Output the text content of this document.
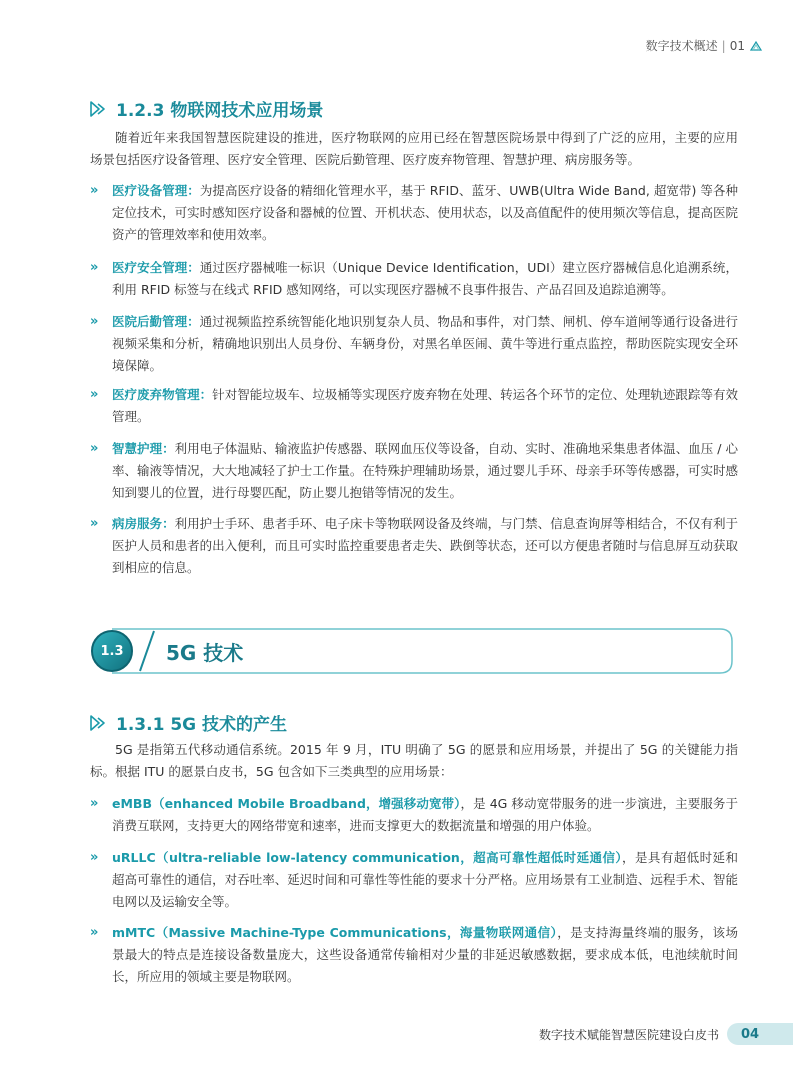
数字技术概述 | 01
1.2.3 物联网技术应用场景

随着近年来我国智慧医院建设的推进，医疗物联网的应用已经在智慧医院场景中得到了广泛的应用，主要的应用场景包括医疗设备管理、医疗安全管理、医院后勤管理、医疗废弃物管理、智慧护理、病房服务等。

» 医疗设备管理：为提高医疗设备的精细化管理水平，基于 RFID、蓝牙、UWB(Ultra Wide Band, 超宽带) 等各种定位技术，可实时感知医疗设备和器械的位置、开机状态、使用状态，以及高值配件的使用频次等信息，提高医院资产的管理效率和使用效率。
» 医疗安全管理：通过医疗器械唯一标识（Unique Device Identification，UDI）建立医疗器械信息化追溯系统，利用 RFID 标签与在线式 RFID 感知网络，可以实现医疗器械不良事件报告、产品召回及追踪追溯等。
» 医院后勤管理：通过视频监控系统智能化地识别复杂人员、物品和事件，对门禁、闸机、停车道闸等通行设备进行视频采集和分析，精确地识别出人员身份、车辆身份，对黑名单医闹、黄牛等进行重点监控，帮助医院实现安全环境保障。
» 医疗废弃物管理：针对智能垃圾车、垃圾桶等实现医疗废弃物在处理、转运各个环节的定位、处理轨迹跟踪等有效管理。
» 智慧护理：利用电子体温贴、输液监护传感器、联网血压仪等设备，自动、实时、准确地采集患者体温、血压 / 心率、输液等情况，大大地减轻了护士工作量。在特殊护理辅助场景，通过婴儿手环、母亲手环等传感器，可实时感知到婴儿的位置，进行母婴匹配，防止婴儿抱错等情况的发生。
» 病房服务：利用护士手环、患者手环、电子床卡等物联网设备及终端，与门禁、信息查询屏等相结合，不仅有利于医护人员和患者的出入便利，而且可实时监控重要患者走失、跌倒等状态，还可以方便患者随时与信息屏互动获取到相应的信息。
1.3 5G 技术
1.3.1 5G 技术的产生

5G 是指第五代移动通信系统。2015 年 9 月，ITU 明确了 5G 的愿景和应用场景，并提出了 5G 的关键能力指标。根据 ITU 的愿景白皮书，5G 包含如下三类典型的应用场景：

» eMBB（enhanced Mobile Broadband，增强移动宽带），是 4G 移动宽带服务的进一步演进，主要服务于消费互联网，支持更大的网络带宽和速率，进而支撑更大的数据流量和增强的用户体验。
» uRLLC（ultra-reliable low-latency communication，超高可靠性超低时延通信），是具有超低时延和超高可靠性的通信，对吞吐率、延迟时间和可靠性等性能的要求十分严格。应用场景有工业制造、远程手术、智能电网以及运输安全等。
» mMTC（Massive Machine-Type Communications，海量物联网通信），是支持海量终端的服务，该场景最大的特点是连接设备数量庞大，这些设备通常传输相对少量的非延迟敏感数据，要求成本低，电池续航时间长，所应用的领域主要是物联网。
数字技术赋能智慧医院建设白皮书	04
